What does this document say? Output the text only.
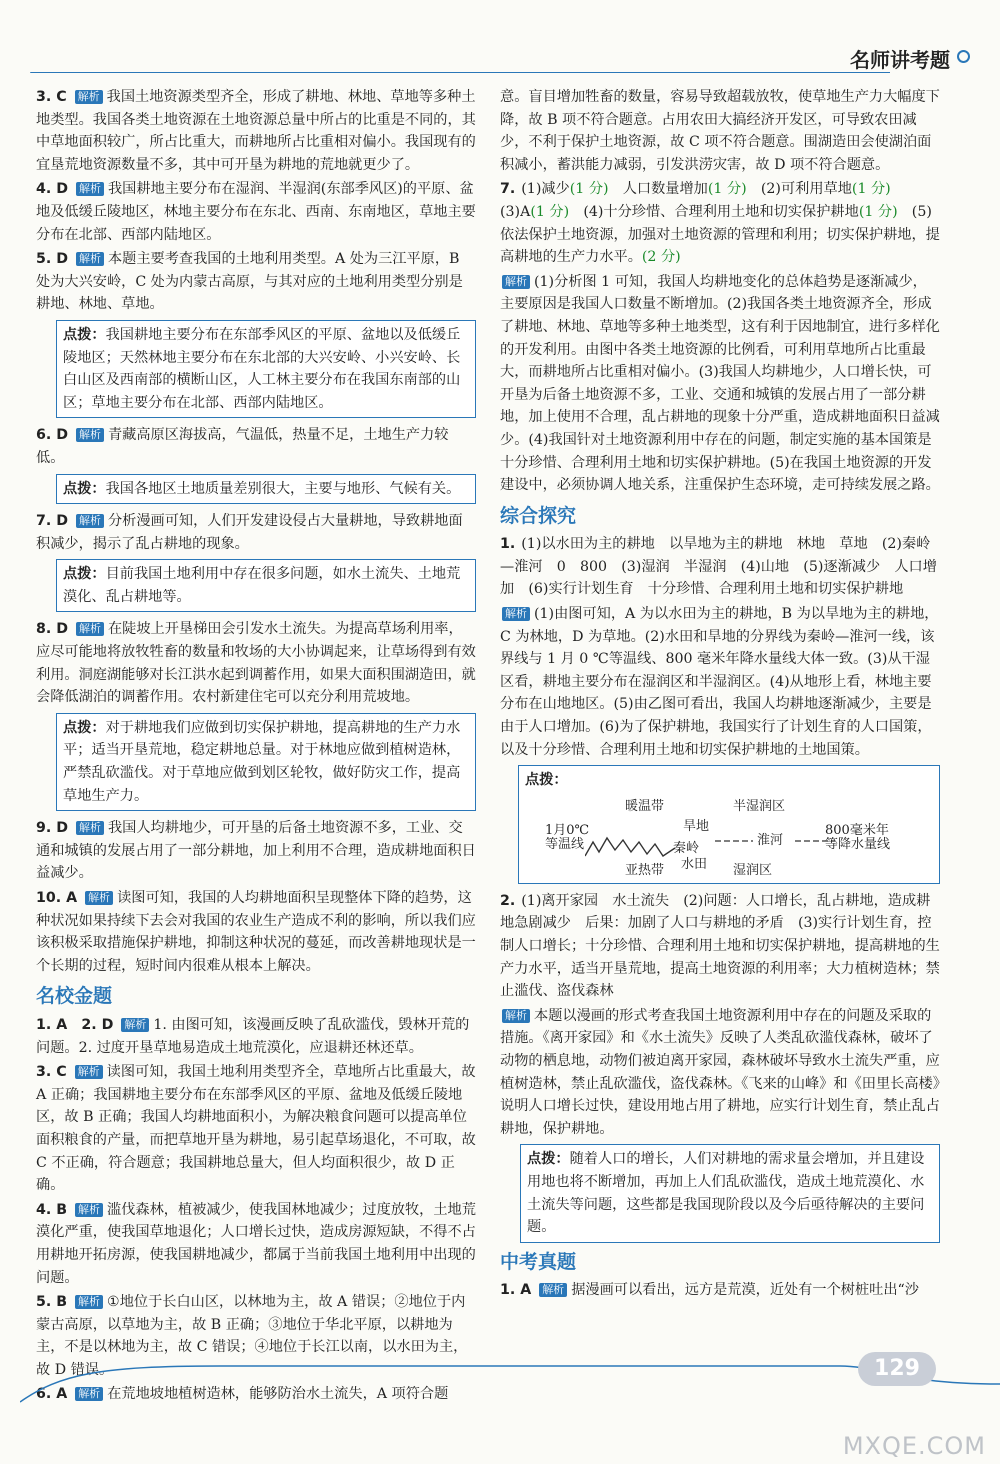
名师讲考题
3. C 解析 我国土地资源类型齐全，形成了耕地、林地、草地等多种土地类型。我国各类土地资源在土地资源总量中所占的比重是不同的，其中草地面积较广，所占比重大，而耕地所占比重相对偏小。我国现有的宜垦荒地资源数量不多，其中可开垦为耕地的荒地就更少了。
4. D 解析 我国耕地主要分布在湿润、半湿润(东部季风区)的平原、盆地及低缓丘陵地区，林地主要分布在东北、西南、东南地区，草地主要分布在北部、西部内陆地区。
5. D 解析 本题主要考查我国的土地利用类型。A 处为三江平原，B 处为大兴安岭，C 处为内蒙古高原，与其对应的土地利用类型分别是耕地、林地、草地。
点拨：我国耕地主要分布在东部季风区的平原、盆地以及低缓丘陵地区；天然林地主要分布在东北部的大兴安岭、小兴安岭、长白山区及西南部的横断山区，人工林主要分布在我国东南部的山区；草地主要分布在北部、西部内陆地区。
6. D 解析 青藏高原区海拔高，气温低，热量不足，土地生产力较低。
点拨：我国各地区土地质量差别很大，主要与地形、气候有关。
7. D 解析 分析漫画可知，人们开发建设侵占大量耕地，导致耕地面积减少，揭示了乱占耕地的现象。
点拨：目前我国土地利用中存在很多问题，如水土流失、土地荒漠化、乱占耕地等。
8. D 解析 在陡坡上开垦梯田会引发水土流失。为提高草场利用率，应尽可能地将放牧牲畜的数量和牧场的大小协调起来，让草场得到有效利用。洞庭湖能够对长江洪水起到调蓄作用，如果大面积围湖造田，就会降低湖泊的调蓄作用。农村新建住宅可以充分利用荒坡地。
点拨：对于耕地我们应做到切实保护耕地，提高耕地的生产力水平；适当开垦荒地，稳定耕地总量。对于林地应做到植树造林，严禁乱砍滥伐。对于草地应做到划区轮牧，做好防灾工作，提高草地生产力。
9. D 解析 我国人均耕地少，可开垦的后备土地资源不多，工业、交通和城镇的发展占用了一部分耕地，加上利用不合理，造成耕地面积日益减少。
10. A 解析 读图可知，我国的人均耕地面积呈现整体下降的趋势，这种状况如果持续下去会对我国的农业生产造成不利的影响，所以我们应该积极采取措施保护耕地，抑制这种状况的蔓延，而改善耕地现状是一个长期的过程，短时间内很难从根本上解决。
名校金题
1. A　2. D 解析 1. 由图可知，该漫画反映了乱砍滥伐，毁林开荒的问题。2. 过度开垦草地易造成土地荒漠化，应退耕还林还草。
3. C 解析 读图可知，我国土地利用类型齐全，草地所占比重最大，故 A 正确；我国耕地主要分布在东部季风区的平原、盆地及低缓丘陵地区，故 B 正确；我国人均耕地面积小，为解决粮食问题可以提高单位面积粮食的产量，而把草地开垦为耕地，易引起草场退化，不可取，故 C 不正确，符合题意；我国耕地总量大，但人均面积很少，故 D 正确。
4. B 解析 滥伐森林，植被减少，使我国林地减少；过度放牧，土地荒漠化严重，使我国草地退化；人口增长过快，造成房源短缺，不得不占用耕地开拓房源，使我国耕地减少，都属于当前我国土地利用中出现的问题。
5. B 解析 ①地位于长白山区，以林地为主，故 A 错误；②地位于内蒙古高原，以草地为主，故 B 正确；③地位于华北平原，以耕地为主，不是以林地为主，故 C 错误；④地位于长江以南，以水田为主，故 D 错误。
6. A 解析 在荒地坡地植树造林，能够防治水土流失，A 项符合题
意。盲目增加牲畜的数量，容易导致超载放牧，使草地生产力大幅度下降，故 B 项不符合题意。占用农田大搞经济开发区，可导致农田减少，不利于保护土地资源，故 C 项不符合题意。围湖造田会使湖泊面积减小，蓄洪能力减弱，引发洪涝灾害，故 D 项不符合题意。
7. (1)减少(1 分)　人口数量增加(1 分)　(2)可利用草地(1 分)　(3)A(1 分)　(4)十分珍惜、合理利用土地和切实保护耕地(1 分)　(5)依法保护土地资源，加强对土地资源的管理和利用；切实保护耕地，提高耕地的生产力水平。(2 分)
解析 (1)分析图 1 可知，我国人均耕地变化的总体趋势是逐渐减少，主要原因是我国人口数量不断增加。(2)我国各类土地资源齐全，形成了耕地、林地、草地等多种土地类型，这有利于因地制宜，进行多样化的开发利用。由图中各类土地资源的比例看，可利用草地所占比重最大，而耕地所占比重相对偏小。(3)我国人均耕地少，人口增长快，可开垦为后备土地资源不多，工业、交通和城镇的发展占用了一部分耕地，加上使用不合理，乱占耕地的现象十分严重，造成耕地面积日益减少。(4)我国针对土地资源利用中存在的问题，制定实施的基本国策是十分珍惜、合理利用土地和切实保护耕地。(5)在我国土地资源的开发建设中，必须协调人地关系，注重保护生态环境，走可持续发展之路。
综合探究
1. (1)以水田为主的耕地　以旱地为主的耕地　林地　草地　(2)秦岭—淮河　0　800　(3)湿润　半湿润　(4)山地　(5)逐渐减少　人口增加　(6)实行计划生育　十分珍惜、合理利用土地和切实保护耕地
解析 (1)由图可知，A 为以水田为主的耕地，B 为以旱地为主的耕地，C 为林地，D 为草地。(2)水田和旱地的分界线为秦岭—淮河一线，该界线与 1 月 0 ℃等温线、800 毫米年降水量线大体一致。(3)从干湿区看，耕地主要分布在湿润区和半湿润区。(4)从地形上看，林地主要分布在山地地区。(5)由乙图可看出，我国人均耕地逐渐减少，主要是由于人口增加。(6)为了保护耕地，我国实行了计划生育的人口国策，以及十分珍惜、合理利用土地和切实保护耕地的土地国策。
点拨：
暖温带
旱地
半湿润区
1月0℃
等温线	秦岭
淮河
800毫米年
等降水量线
亚热带 水田 湿润区
2. (1)离开家园　水土流失　(2)问题：人口增长，乱占耕地，造成耕地急剧减少　后果：加剧了人口与耕地的矛盾　(3)实行计划生育，控制人口增长；十分珍惜、合理利用土地和切实保护耕地，提高耕地的生产力水平，适当开垦荒地，提高土地资源的利用率；大力植树造林；禁止滥伐、盗伐森林
解析 本题以漫画的形式考查我国土地资源利用中存在的问题及采取的措施。《离开家园》和《水土流失》反映了人类乱砍滥伐森林，破坏了动物的栖息地，动物们被迫离开家园，森林破坏导致水土流失严重，应植树造林，禁止乱砍滥伐，盗伐森林。《飞来的山峰》和《田里长高楼》说明人口增长过快，建设用地占用了耕地，应实行计划生育，禁止乱占耕地，保护耕地。
点拨：随着人口的增长，人们对耕地的需求量会增加，并且建设用地也将不断增加，再加上人们乱砍滥伐，造成土地荒漠化、水土流失等问题，这些都是我国现阶段以及今后亟待解决的主要问题。
中考真题
1. A 解析 据漫画可以看出，远方是荒漠，近处有一个树桩吐出“沙
129
MXQE.COM
